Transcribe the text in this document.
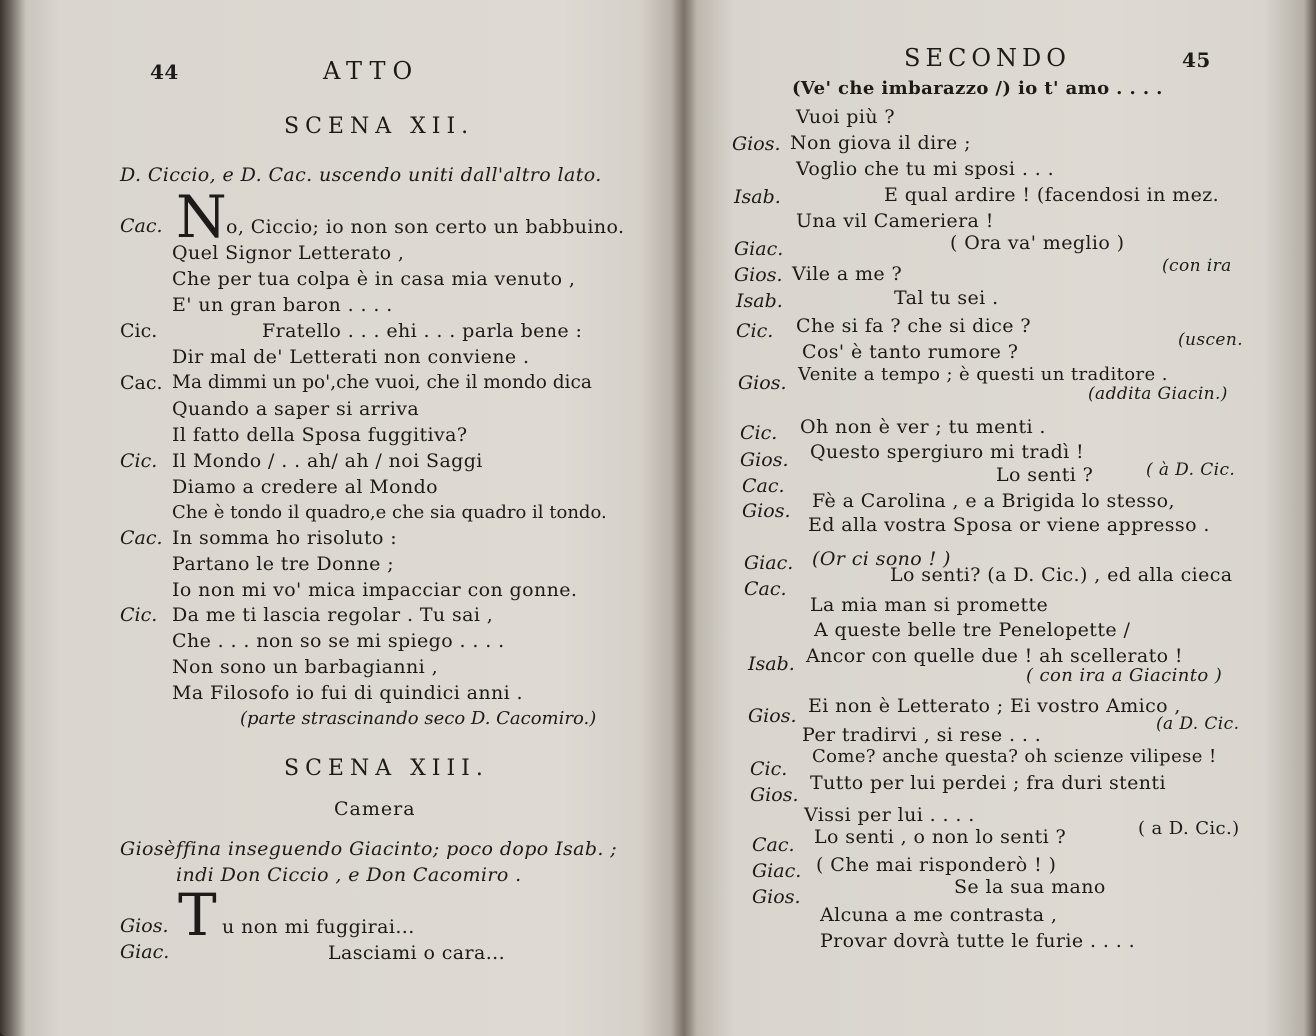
44	ATTO
SCENA XII.
D. Ciccio, e D. Cac. uscendo uniti dall'altro lato.
Cac. N o, Ciccio; io non son certo un babbuino.
Quel Signor Letterato ,
Che per tua colpa è in casa mia venuto ,
E' un gran baron . . . .
Cic.	Fratello . . . ehi . . . parla bene :
Dir mal de' Letterati non conviene .
Cac. Ma dimmi un po',che vuoi, che il mondo dica
Quando a saper si arriva
Il fatto della Sposa fuggitiva?
Cic. Il Mondo / . . ah/ ah / noi Saggi
Diamo a credere al Mondo
Che è tondo il quadro,e che sia quadro il tondo.
Cac. In somma ho risoluto :
Partano le tre Donne ;
Io non mi vo' mica impacciar con gonne.
Cic. Da me ti lascia regolar . Tu sai ,
Che . . . non so se mi spiego . . . .
Non sono un barbagianni ,
Ma Filosofo io fui di quindici anni .
(parte strascinando seco D. Cacomiro.)
SCENA XIII.
Camera
Giosèffina inseguendo Giacinto; poco dopo Isab. ;
indi Don Ciccio , e Don Cacomiro .
Gios. T u non mi fuggirai...
Giac.	Lasciami o cara...
SECONDO	45
(Ve' che imbarazzo /) io t' amo . . . .
Vuoi più ?
Gios. Non giova il dire ;
Voglio che tu mi sposi . . .
Isab.	E qual ardire ! (facendosi in mez.
Una vil Cameriera !
Giac.	( Ora va' meglio )
Gios. Vile a me ?	(con ira
Isab.	Tal tu sei .
Cic. Che si fa ? che si dice ?
Cos' è tanto rumore ?
(uscen.
Gios. Venite a tempo ; è questi un traditore .
(addita Giacin.)
Cic. Oh non è ver ; tu menti .
Gios. Questo spergiuro mi tradì !
Cac.	Lo senti ?	( à D. Cic.
Gios. Fè a Carolina , e a Brigida lo stesso,
Ed alla vostra Sposa or viene appresso .
Giac. (Or ci sono ! )
Cac.
Lo senti? (a D. Cic.) , ed alla cieca
La mia man si promette
A queste belle tre Penelopette /
Isab. Ancor con quelle due ! ah scellerato !
( con ira a Giacinto )
Gios. Ei non è Letterato ; Ei vostro Amico ,
Per tradirvi , si rese . . .	(a D. Cic.
Cic.
Come? anche questa? oh scienze vilipese !
Gios.
Tutto per lui perdei ; fra duri stenti
Vissi per lui . . . .
Cac. Lo senti , o non lo senti ?	( a D. Cic.)
Giac. ( Che mai risponderò ! )
Gios.	Se la sua mano
Alcuna a me contrasta ,
Provar dovrà tutte le furie . . . .
